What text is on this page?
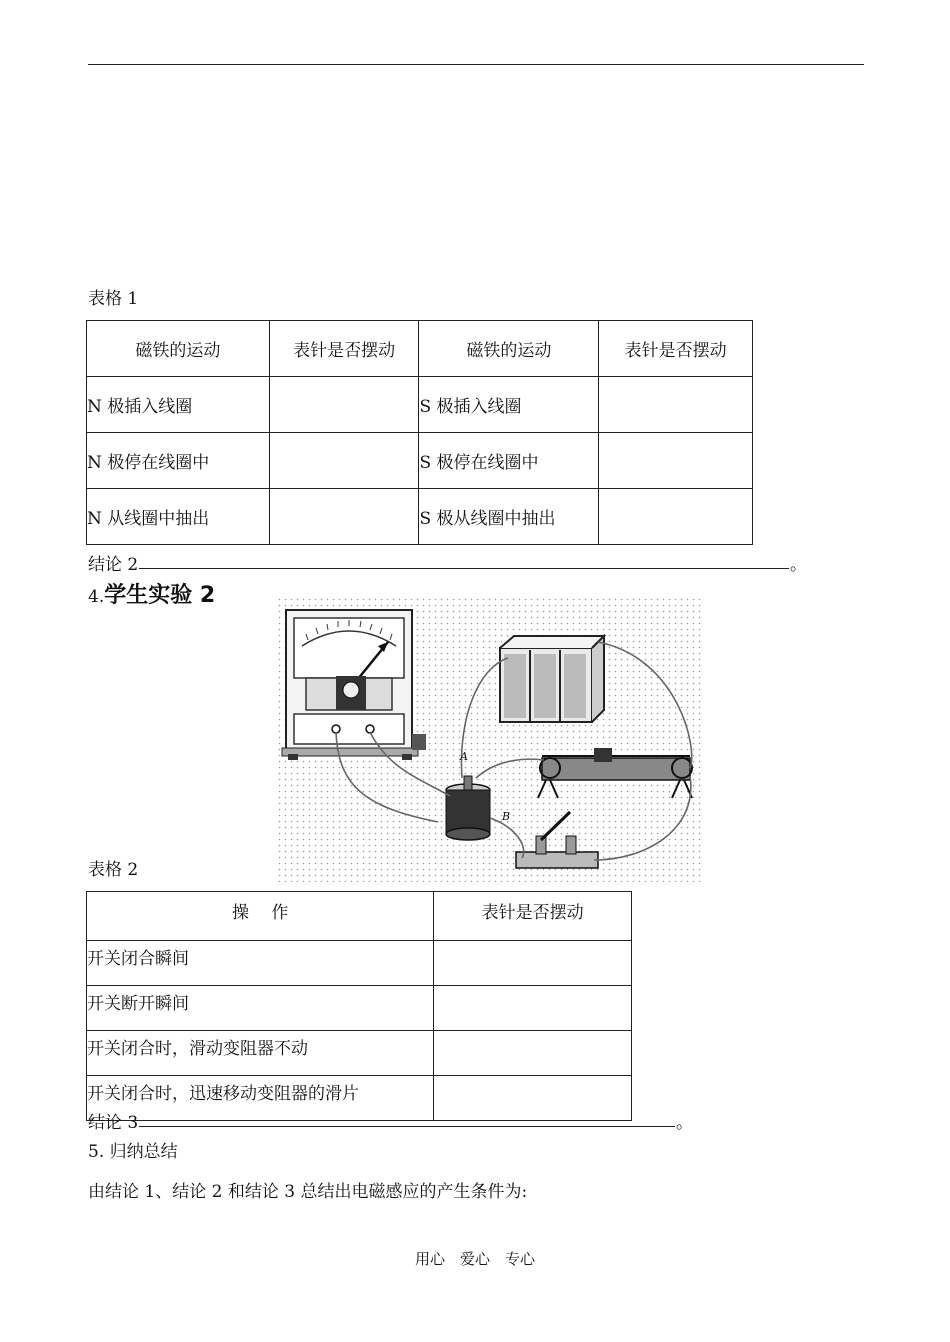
表格 1
磁铁的运动	表针是否摆动	磁铁的运动	表针是否摆动
N 极插入线圈		S 极插入线圈	
N 极停在线圈中		S 极停在线圈中	
N 从线圈中抽出		S 极从线圈中抽出	
结论 2	。
4.学生实验 2
A
B
表格 2
操　 作	表针是否摆动
开关闭合瞬间	
开关断开瞬间	
开关闭合时，滑动变阻器不动	
开关闭合时，迅速移动变阻器的滑片	
结论 3	。
5. 归纳总结
由结论 1、结论 2 和结论 3 总结出电磁感应的产生条件为:
用心　爱心　专心
